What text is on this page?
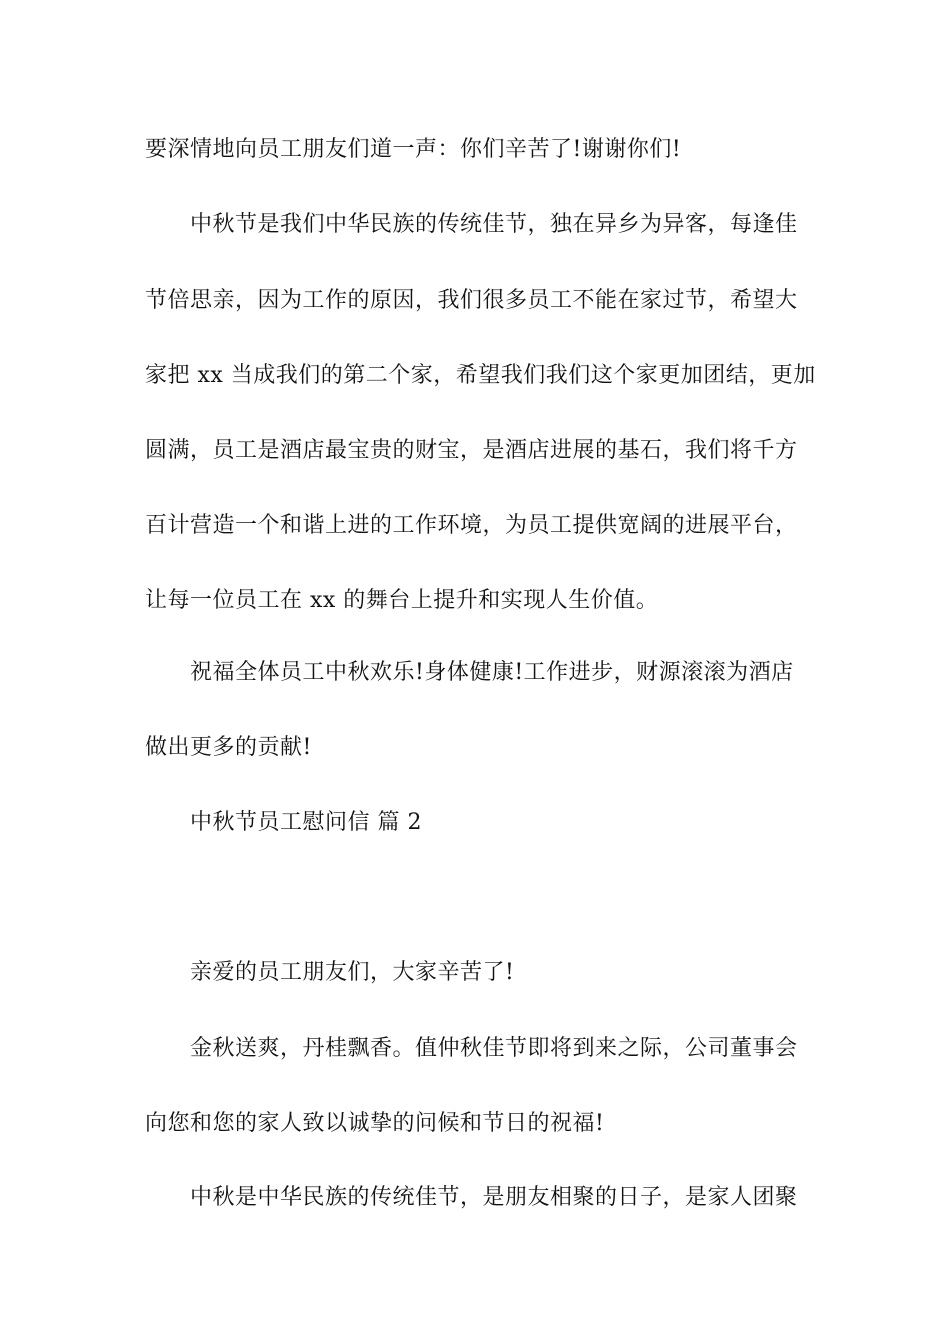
要深情地向员工朋友们道一声：你们辛苦了!谢谢你们!
中秋节是我们中华民族的传统佳节，独在异乡为异客，每逢佳
节倍思亲，因为工作的原因，我们很多员工不能在家过节，希望大
家把 xx 当成我们的第二个家，希望我们我们这个家更加团结，更加
圆满，员工是酒店最宝贵的财宝，是酒店进展的基石，我们将千方
百计营造一个和谐上进的工作环境，为员工提供宽阔的进展平台，
让每一位员工在 xx 的舞台上提升和实现人生价值。
祝福全体员工中秋欢乐!身体健康!工作进步，财源滚滚为酒店
做出更多的贡献!
中秋节员工慰问信 篇 2
亲爱的员工朋友们，大家辛苦了!
金秋送爽，丹桂飘香。值仲秋佳节即将到来之际，公司董事会
向您和您的家人致以诚挚的问候和节日的祝福!
中秋是中华民族的传统佳节，是朋友相聚的日子，是家人团聚
